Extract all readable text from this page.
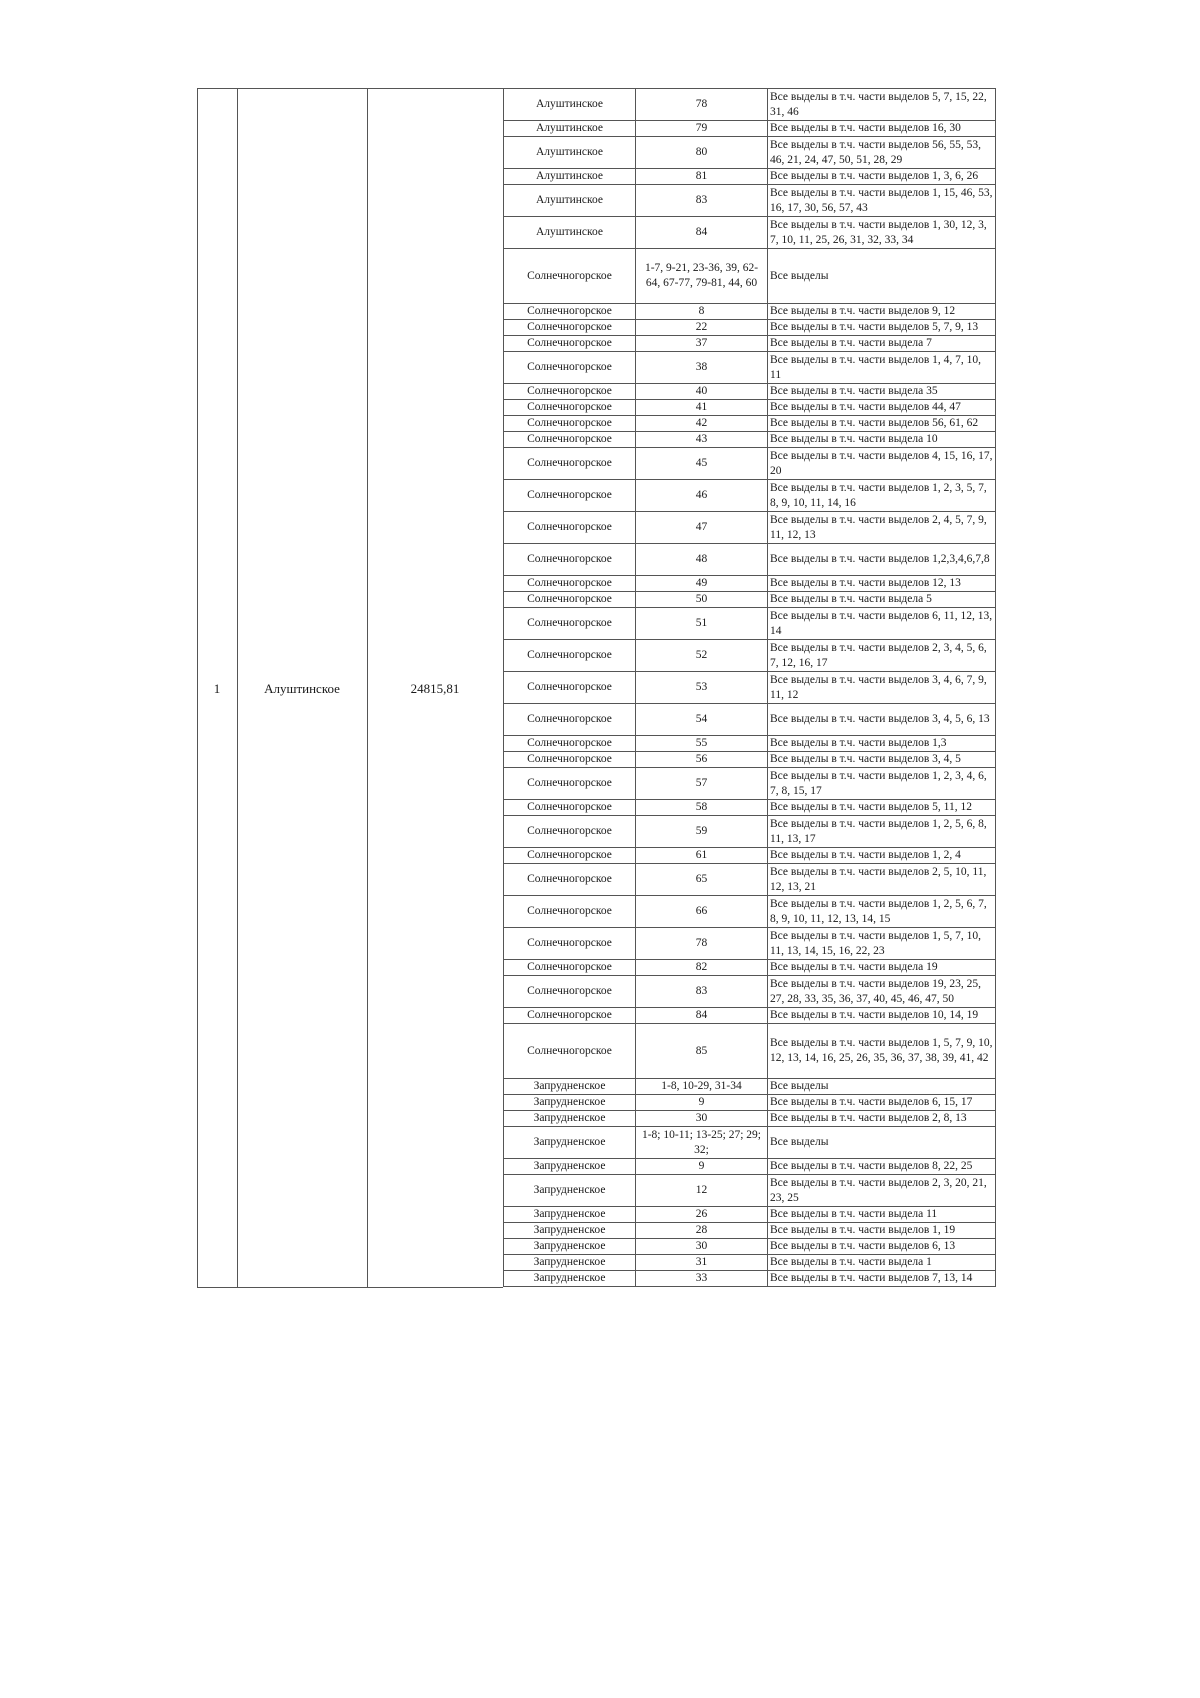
1	Алуштинское	24815,81
Алуштинское	78	Все выделы в т.ч. части выделов 5, 7, 15, 22, 31, 46
Алуштинское	79	Все выделы в т.ч. части выделов 16, 30
Алуштинское	80	Все выделы в т.ч. части выделов 56, 55, 53, 46, 21, 24, 47, 50, 51, 28, 29
Алуштинское	81	Все выделы в т.ч. части выделов 1, 3, 6, 26
Алуштинское	83	Все выделы в т.ч. части выделов 1, 15, 46, 53, 16, 17, 30, 56, 57, 43
Алуштинское	84	Все выделы в т.ч. части выделов 1, 30, 12, 3, 7, 10, 11, 25, 26, 31, 32, 33, 34
Солнечногорское	1-7, 9-21, 23-36, 39, 62-64, 67-77, 79-81, 44, 60	Все выделы
Солнечногорское	8	Все выделы в т.ч. части выделов 9, 12
Солнечногорское	22	Все выделы в т.ч. части выделов 5, 7, 9, 13
Солнечногорское	37	Все выделы в т.ч. части выдела 7
Солнечногорское	38	Все выделы в т.ч. части выделов 1, 4, 7, 10, 11
Солнечногорское	40	Все выделы в т.ч. части выдела 35
Солнечногорское	41	Все выделы в т.ч. части выделов 44, 47
Солнечногорское	42	Все выделы в т.ч. части выделов 56, 61, 62
Солнечногорское	43	Все выделы в т.ч. части выдела 10
Солнечногорское	45	Все выделы в т.ч. части выделов 4, 15, 16, 17, 20
Солнечногорское	46	Все выделы в т.ч. части выделов 1, 2, 3, 5, 7, 8, 9, 10, 11, 14, 16
Солнечногорское	47	Все выделы в т.ч. части выделов 2, 4, 5, 7, 9, 11, 12, 13
Солнечногорское	48	Все выделы в т.ч. части выделов 1,2,3,4,6,7,8
Солнечногорское	49	Все выделы в т.ч. части выделов 12, 13
Солнечногорское	50	Все выделы в т.ч. части выдела 5
Солнечногорское	51	Все выделы в т.ч. части выделов 6, 11, 12, 13, 14
Солнечногорское	52	Все выделы в т.ч. части выделов 2, 3, 4, 5, 6, 7, 12, 16, 17
Солнечногорское	53	Все выделы в т.ч. части выделов 3, 4, 6, 7, 9, 11, 12
Солнечногорское	54	Все выделы в т.ч. части выделов 3, 4, 5, 6, 13
Солнечногорское	55	Все выделы в т.ч. части выделов 1,3
Солнечногорское	56	Все выделы в т.ч. части выделов 3, 4, 5
Солнечногорское	57	Все выделы в т.ч. части выделов 1, 2, 3, 4, 6, 7, 8, 15, 17
Солнечногорское	58	Все выделы в т.ч. части выделов 5, 11, 12
Солнечногорское	59	Все выделы в т.ч. части выделов 1, 2, 5, 6, 8, 11, 13, 17
Солнечногорское	61	Все выделы в т.ч. части выделов 1, 2, 4
Солнечногорское	65	Все выделы в т.ч. части выделов 2, 5, 10, 11, 12, 13, 21
Солнечногорское	66	Все выделы в т.ч. части выделов 1, 2, 5, 6, 7, 8, 9, 10, 11, 12, 13, 14, 15
Солнечногорское	78	Все выделы в т.ч. части выделов 1, 5, 7, 10, 11, 13, 14, 15, 16, 22, 23
Солнечногорское	82	Все выделы в т.ч. части выдела 19
Солнечногорское	83	Все выделы в т.ч. части выделов 19, 23, 25, 27, 28, 33, 35, 36, 37, 40, 45, 46, 47, 50
Солнечногорское	84	Все выделы в т.ч. части выделов 10, 14, 19
Солнечногорское	85	Все выделы в т.ч. части выделов 1, 5, 7, 9, 10, 12, 13, 14, 16, 25, 26, 35, 36, 37, 38, 39, 41, 42
Запрудненское	1-8, 10-29, 31-34	Все выделы
Запрудненское	9	Все выделы в т.ч. части выделов 6, 15, 17
Запрудненское	30	Все выделы в т.ч. части выделов 2, 8, 13
Запрудненское	1-8; 10-11; 13-25; 27; 29; 32;	Все выделы
Запрудненское	9	Все выделы в т.ч. части выделов 8, 22, 25
Запрудненское	12	Все выделы в т.ч. части выделов 2, 3, 20, 21, 23, 25
Запрудненское	26	Все выделы в т.ч. части выдела 11
Запрудненское	28	Все выделы в т.ч. части выделов 1, 19
Запрудненское	30	Все выделы в т.ч. части выделов 6, 13
Запрудненское	31	Все выделы в т.ч. части выдела 1
Запрудненское	33	Все выделы в т.ч. части выделов 7, 13, 14
